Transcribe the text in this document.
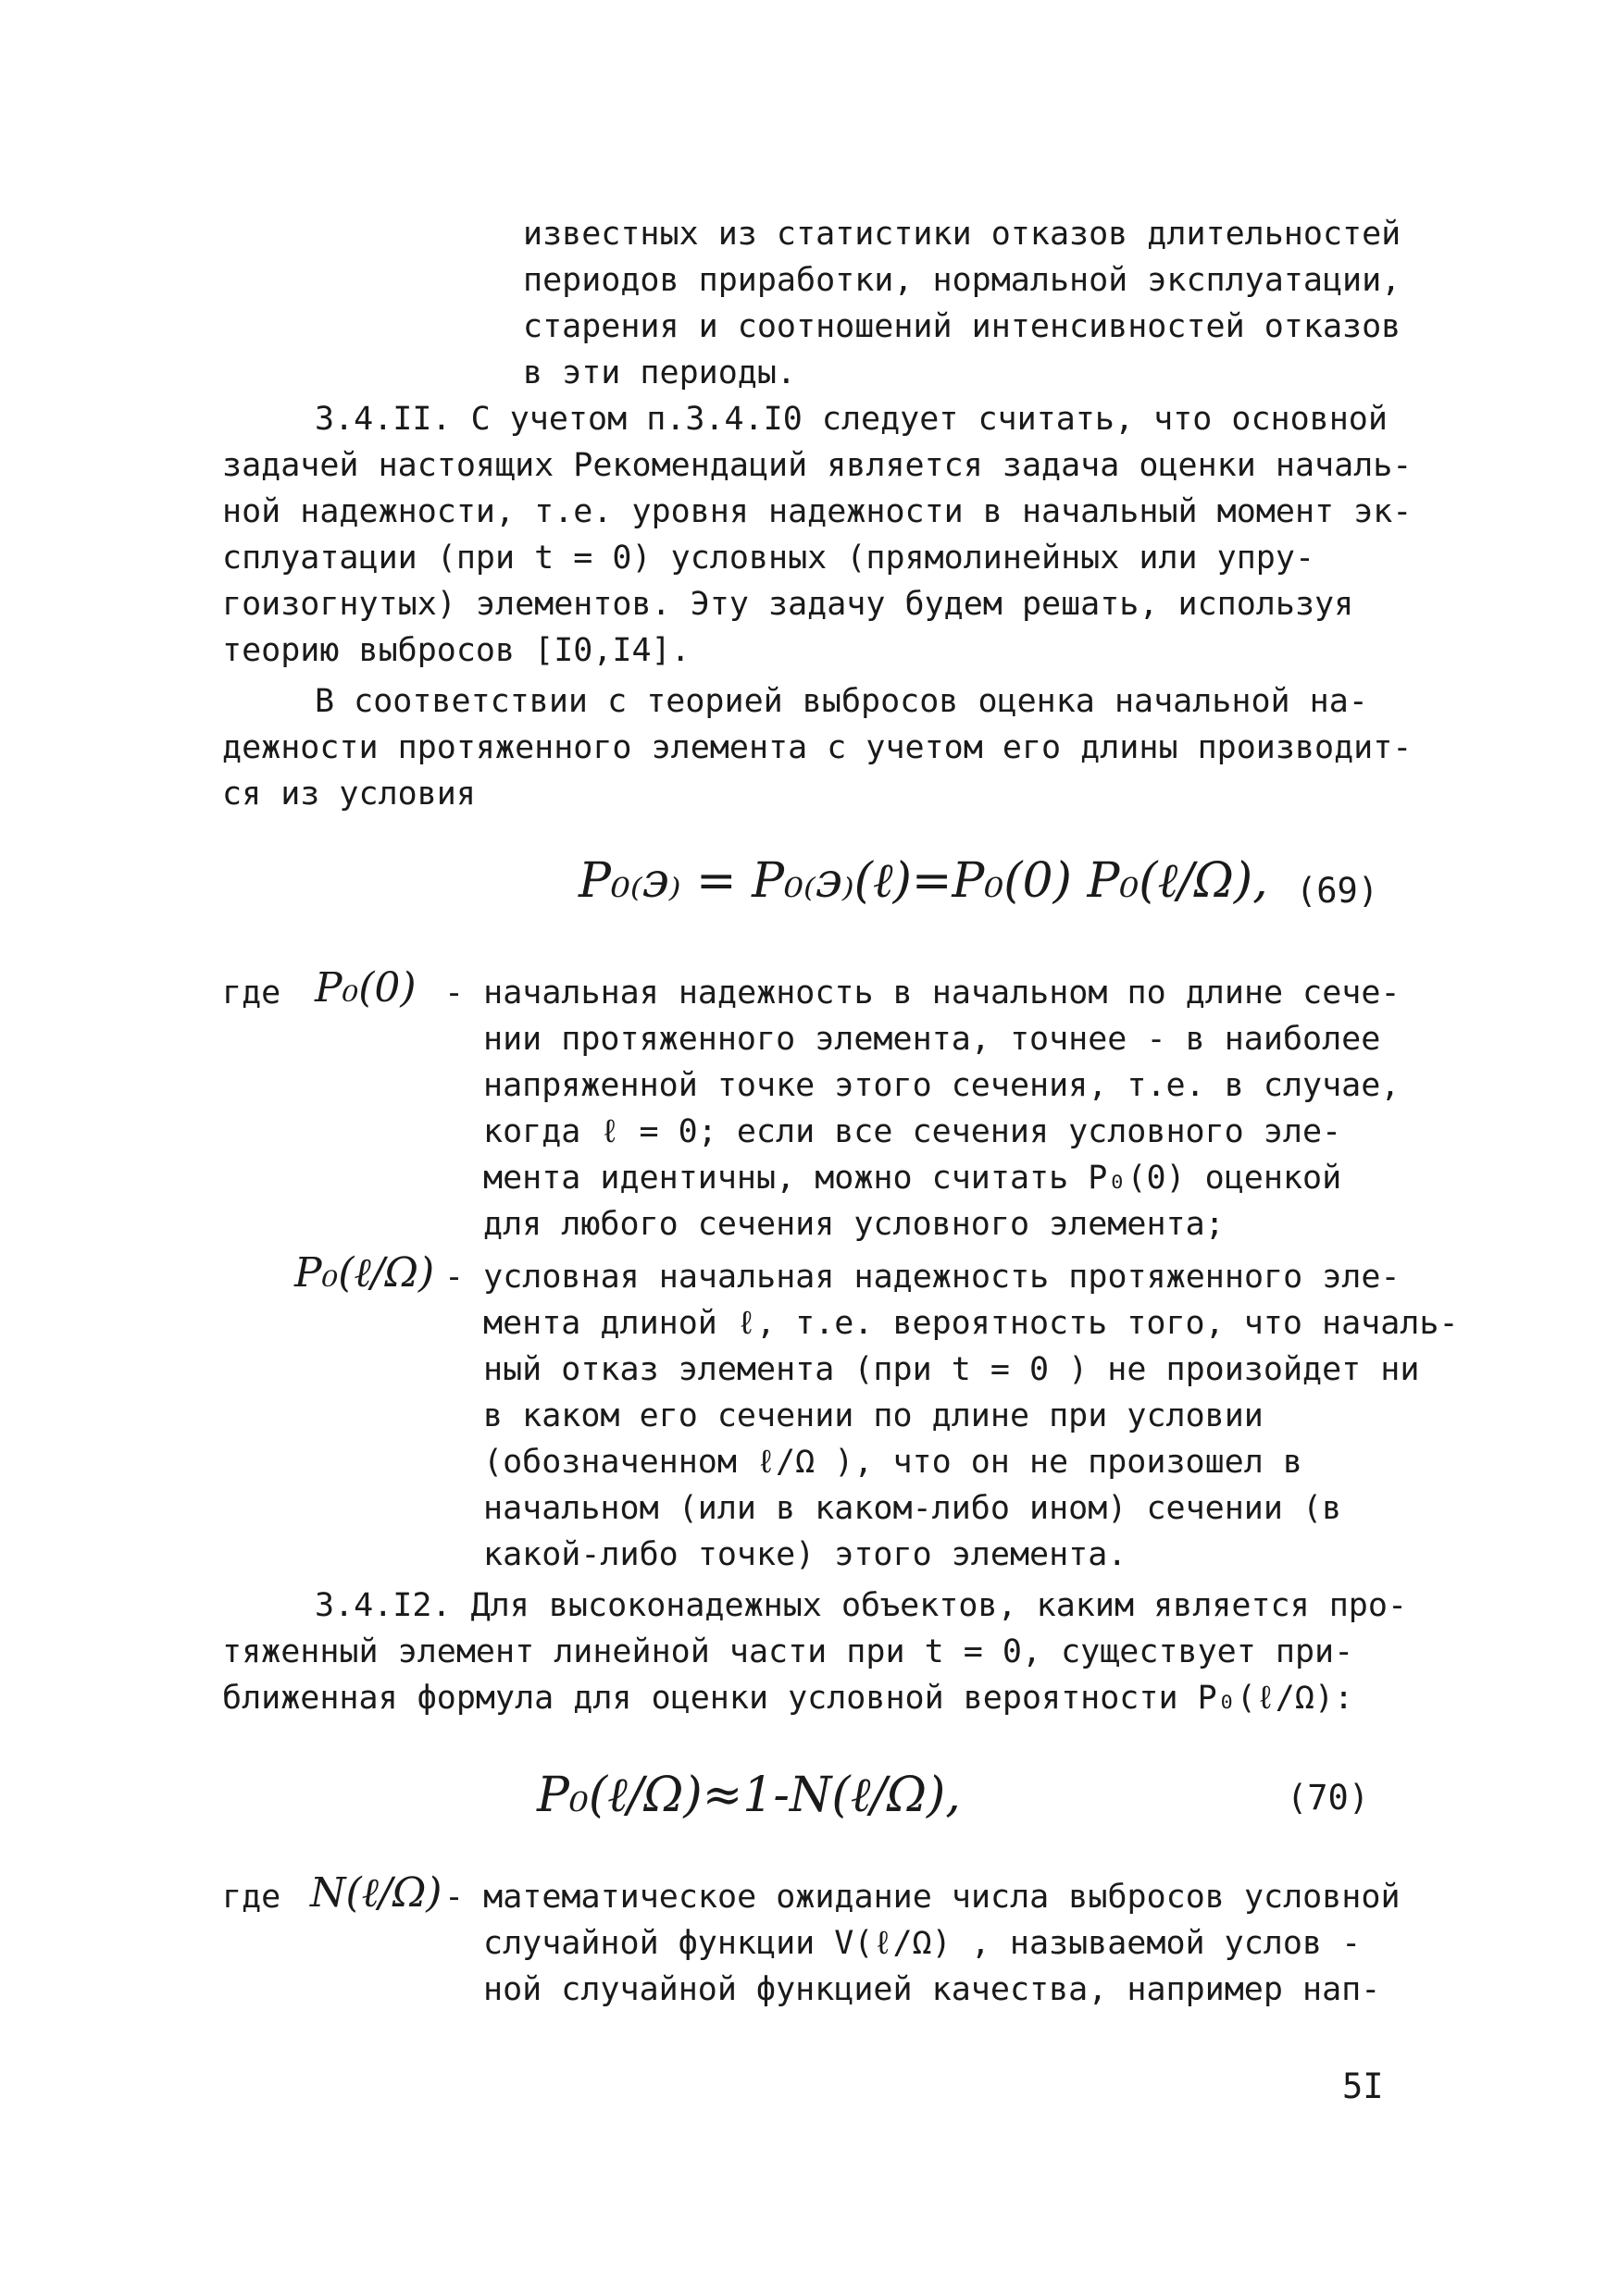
известных из статистики отказов длительностей
периодов приработки, нормальной эксплуатации,
старения и соотношений интенсивностей отказов
в эти периоды.
3.4.II. С учетом п.3.4.I0 следует считать, что основной
задачей настоящих Рекомендаций является задача оценки началь-
ной надежности, т.е. уровня надежности в начальный момент эк-
сплуатации (при t = 0) условных (прямолинейных или упру-
гоизогнутых) элементов. Эту задачу будем решать, используя
теорию выбросов [I0,I4].
В соответствии с теорией выбросов оценка начальной на-
дежности протяженного элемента с учетом его длины производит-
ся из условия
P₀₍э₎ = P₀₍э₎(ℓ)=P₀(0) P₀(ℓ/Ω), (69)
где P₀(0) - начальная надежность в начальном по длине сече-
нии протяженного элемента, точнее - в наиболее
напряженной точке этого сечения, т.е. в случае,
когда ℓ = 0; если все сечения условного эле-
мента идентичны, можно считать P₀(0) оценкой
для любого сечения условного элемента;
P₀(ℓ/Ω) - условная начальная надежность протяженного эле-
мента длиной ℓ, т.е. вероятность того, что началь-
ный отказ элемента (при t = 0 ) не произойдет ни
в каком его сечении по длине при условии
(обозначенном ℓ/Ω ), что он не произошел в
начальном (или в каком-либо ином) сечении (в
какой-либо точке) этого элемента.
3.4.I2. Для высоконадежных объектов, каким является про-
тяженный элемент линейной части при t = 0, существует при-
ближенная формула для оценки условной вероятности P₀(ℓ/Ω):
P₀(ℓ/Ω)≈1-N(ℓ/Ω),	(70)
где N(ℓ/Ω) - математическое ожидание числа выбросов условной
случайной функции V(ℓ/Ω) , называемой услов -
ной случайной функцией качества, например нап-
5I
